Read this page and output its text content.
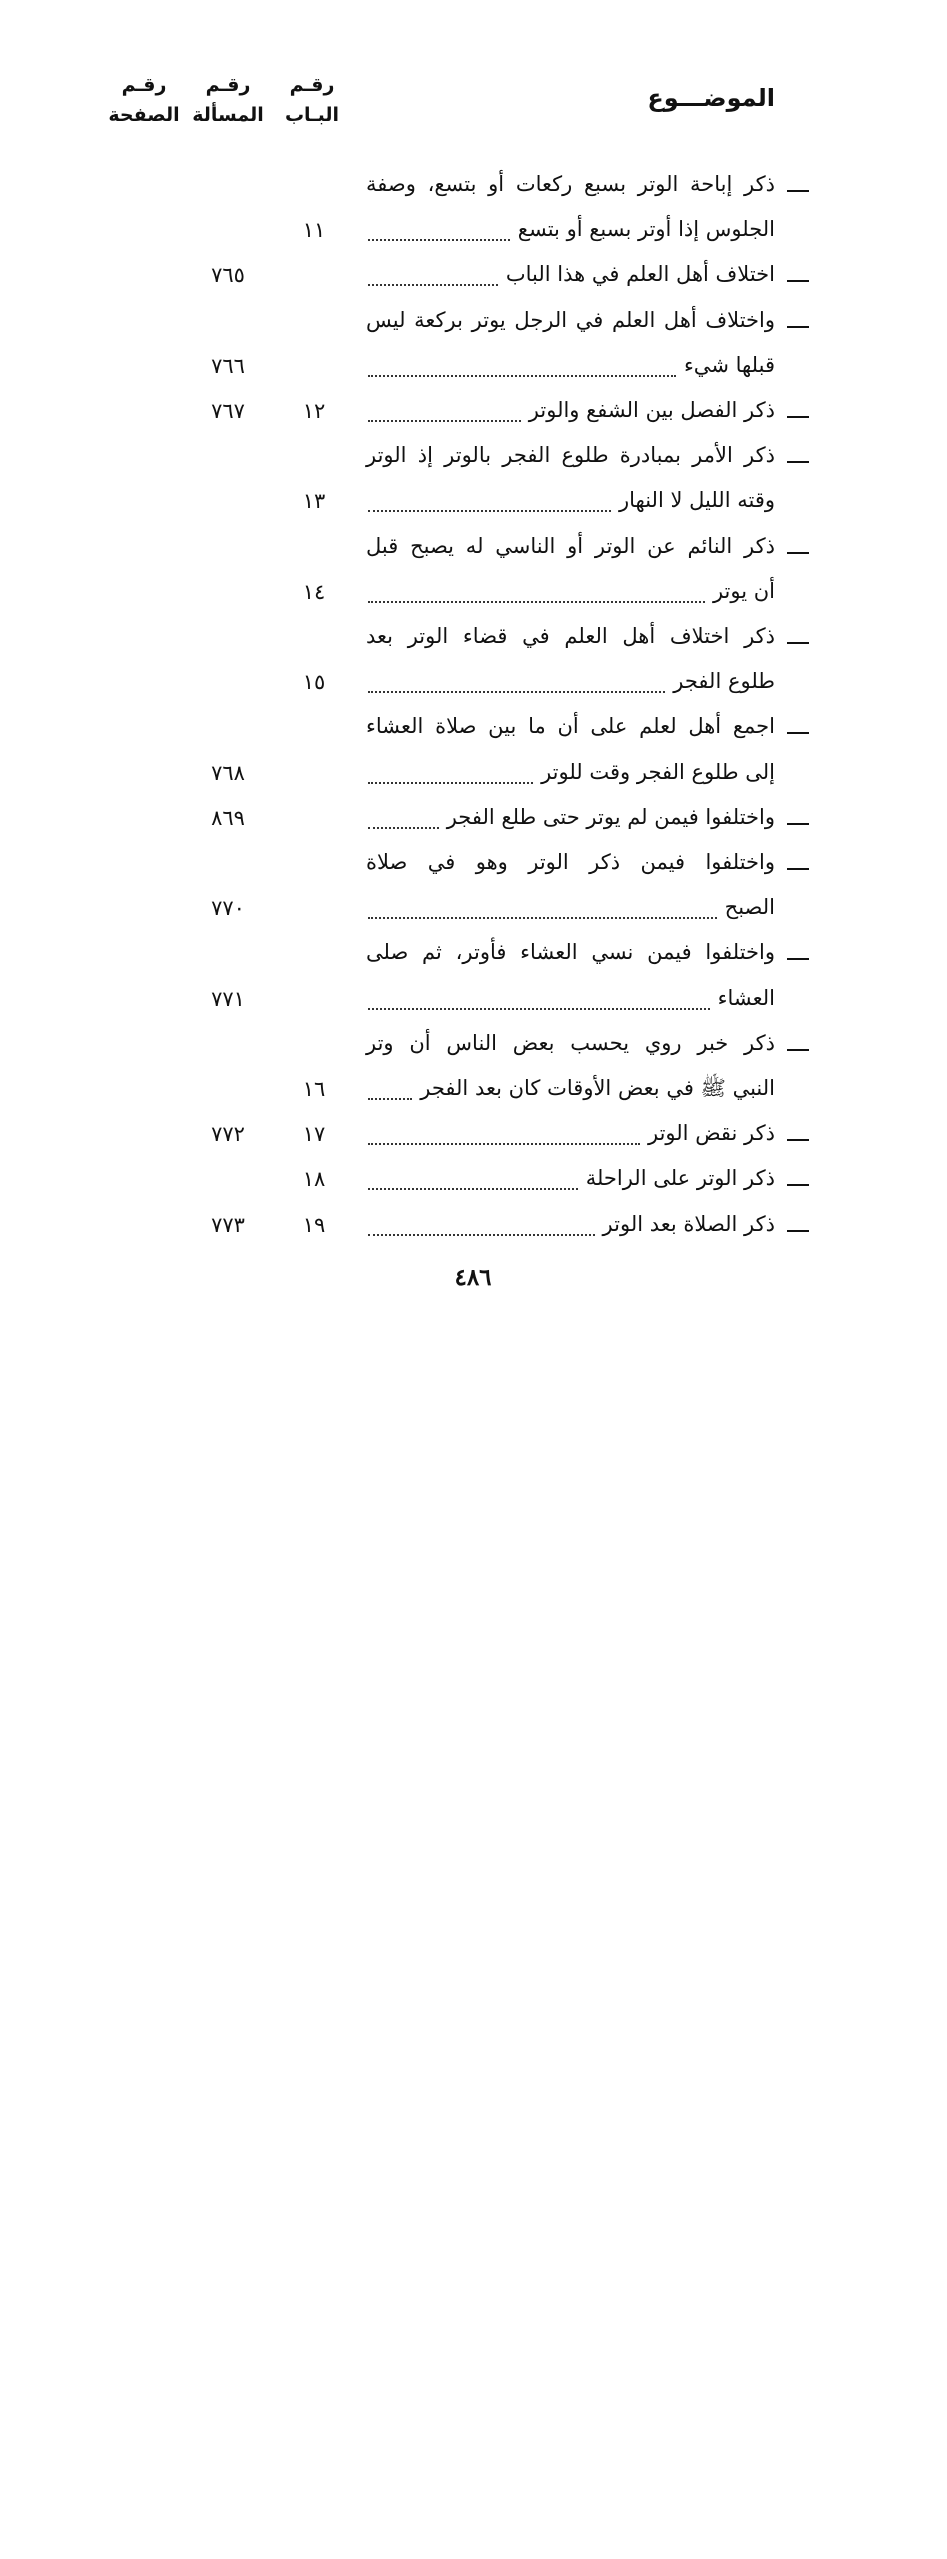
الموضـــوع
رقـم
البـاب
رقـم
المسألة
رقـم
الصفحة
ذكر إباحة الوتر بسبع ركعات أو بتسع، وصفة
الجلوس إذا أوتر بسبع أو بتسع
١١
اختلاف أهل العلم في هذا الباب
٧٦٥
واختلاف أهل العلم في الرجل يوتر بركعة ليس
قبلها شيء
٧٦٦
ذكر الفصل بين الشفع والوتر
١٢
٧٦٧
ذكر الأمر بمبادرة طلوع الفجر بالوتر إذ الوتر
وقته الليل لا النهار
١٣
ذكر النائم عن الوتر أو الناسي له يصبح قبل
أن يوتر
١٤
ذكر اختلاف أهل العلم في قضاء الوتر بعد
طلوع الفجر
١٥
اجمع أهل لعلم على أن ما بين صلاة العشاء
إلى طلوع الفجر وقت للوتر
٧٦٨
واختلفوا فيمن لم يوتر حتى طلع الفجر
٨٦٩
واختلفوا فيمن ذكر الوتر وهو في صلاة
الصبح
٧٧٠
واختلفوا فيمن نسي العشاء فأوتر، ثم صلى
العشاء
٧٧١
ذكر خبر روي يحسب بعض الناس أن وتر
النبي ﷺ في بعض الأوقات كان بعد الفجر
١٦
ذكر نقض الوتر
١٧
٧٧٢
ذكر الوتر على الراحلة
١٨
ذكر الصلاة بعد الوتر
١٩
٧٧٣
٤٨٦
